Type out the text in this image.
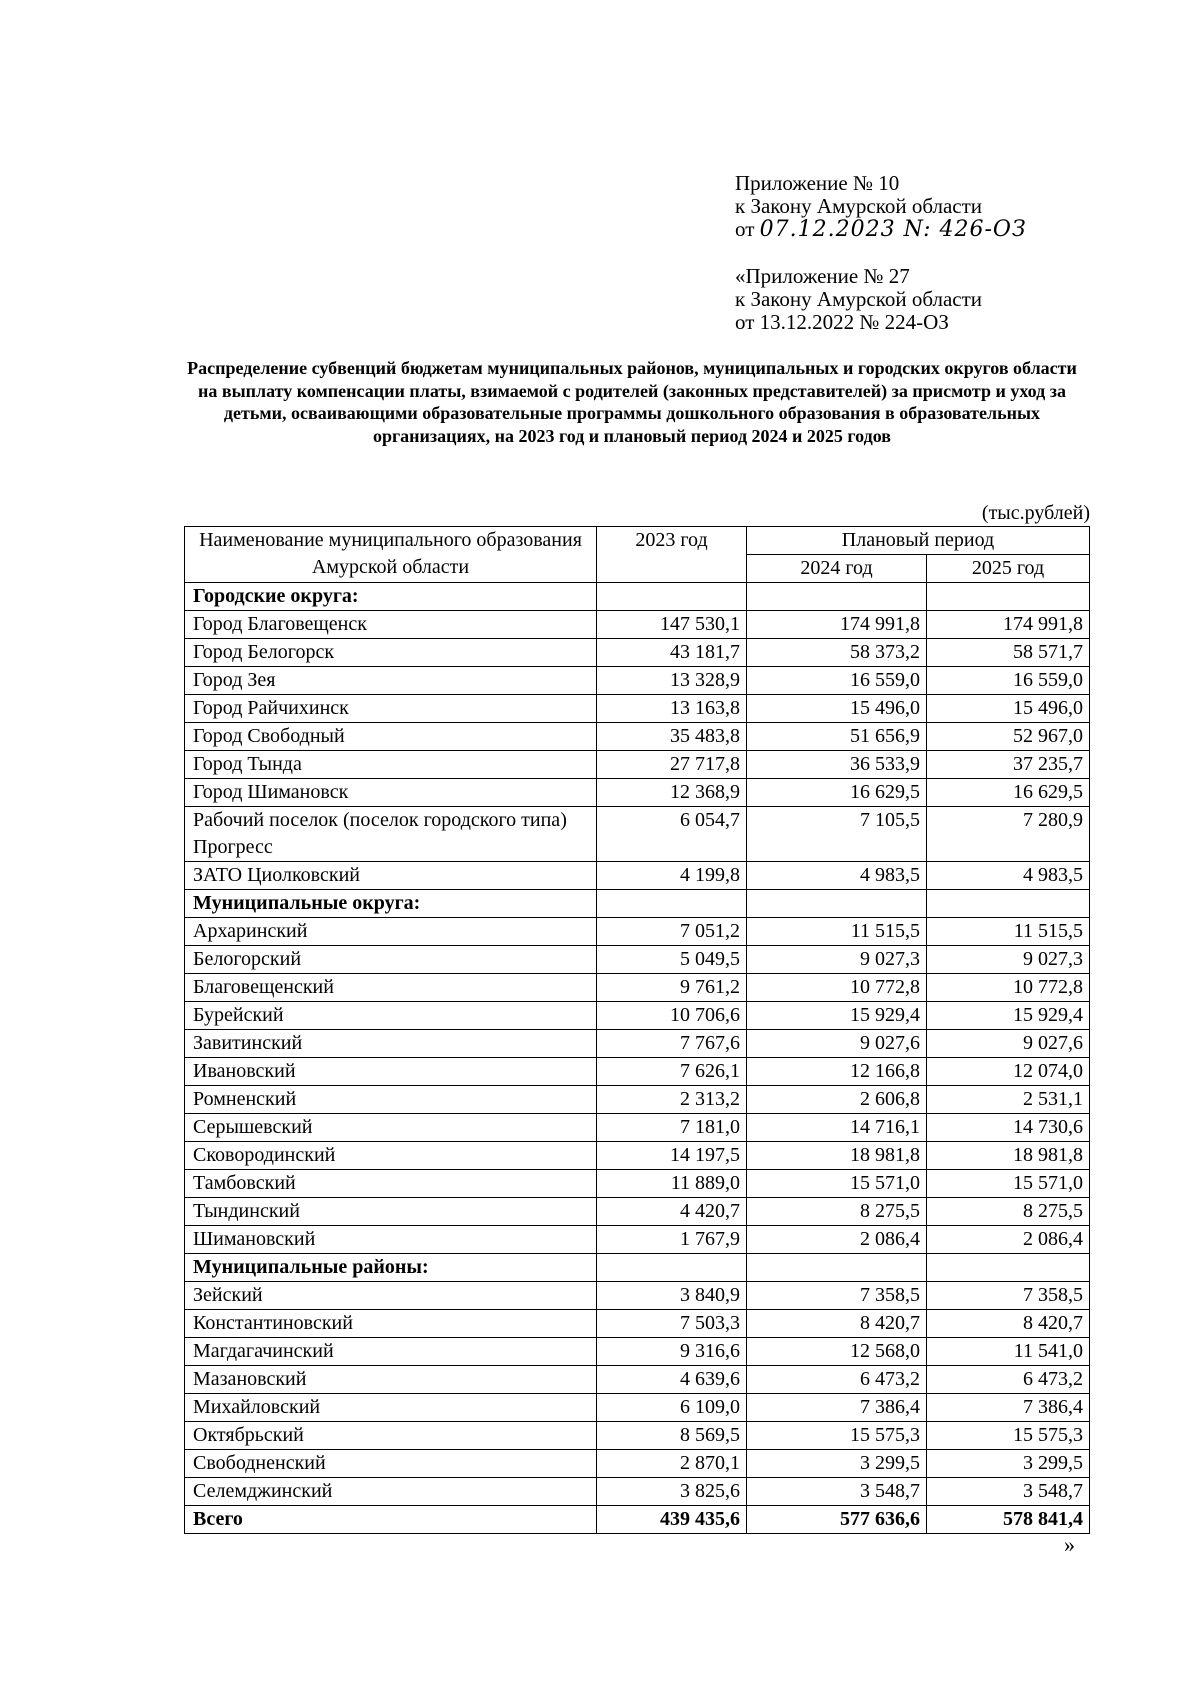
Приложение № 10
к Закону Амурской области
от 07.12.2023 N: 426-ОЗ
«Приложение № 27
к Закону Амурской области
от 13.12.2022 № 224-ОЗ
Распределение субвенций бюджетам муниципальных районов, муниципальных и городских округов области на выплату компенсации платы, взимаемой с родителей (законных представителей) за присмотр и уход за детьми, осваивающими образовательные программы дошкольного образования в образовательных организациях, на 2023 год и плановый период 2024 и 2025 годов
(тыс.рублей)
Наименование муниципального образования Амурской области	2023 год	Плановый период	
		2024 год	2025 год
Городские округа:			
Город Благовещенск	147 530,1	174 991,8	174 991,8
Город Белогорск	43 181,7	58 373,2	58 571,7
Город Зея	13 328,9	16 559,0	16 559,0
Город Райчихинск	13 163,8	15 496,0	15 496,0
Город Свободный	35 483,8	51 656,9	52 967,0
Город Тында	27 717,8	36 533,9	37 235,7
Город Шимановск	12 368,9	16 629,5	16 629,5
Рабочий поселок (поселок городского типа) Прогресс	6 054,7	7 105,5	7 280,9
ЗАТО Циолковский	4 199,8	4 983,5	4 983,5
Муниципальные округа:			
Архаринский	7 051,2	11 515,5	11 515,5
Белогорский	5 049,5	9 027,3	9 027,3
Благовещенский	9 761,2	10 772,8	10 772,8
Бурейский	10 706,6	15 929,4	15 929,4
Завитинский	7 767,6	9 027,6	9 027,6
Ивановский	7 626,1	12 166,8	12 074,0
Ромненский	2 313,2	2 606,8	2 531,1
Серышевский	7 181,0	14 716,1	14 730,6
Сковородинский	14 197,5	18 981,8	18 981,8
Тамбовский	11 889,0	15 571,0	15 571,0
Тындинский	4 420,7	8 275,5	8 275,5
Шимановский	1 767,9	2 086,4	2 086,4
Муниципальные районы:			
Зейский	3 840,9	7 358,5	7 358,5
Константиновский	7 503,3	8 420,7	8 420,7
Магдагачинский	9 316,6	12 568,0	11 541,0
Мазановский	4 639,6	6 473,2	6 473,2
Михайловский	6 109,0	7 386,4	7 386,4
Октябрьский	8 569,5	15 575,3	15 575,3
Свободненский	2 870,1	3 299,5	3 299,5
Селемджинский	3 825,6	3 548,7	3 548,7
Всего	439 435,6	577 636,6	578 841,4
»
